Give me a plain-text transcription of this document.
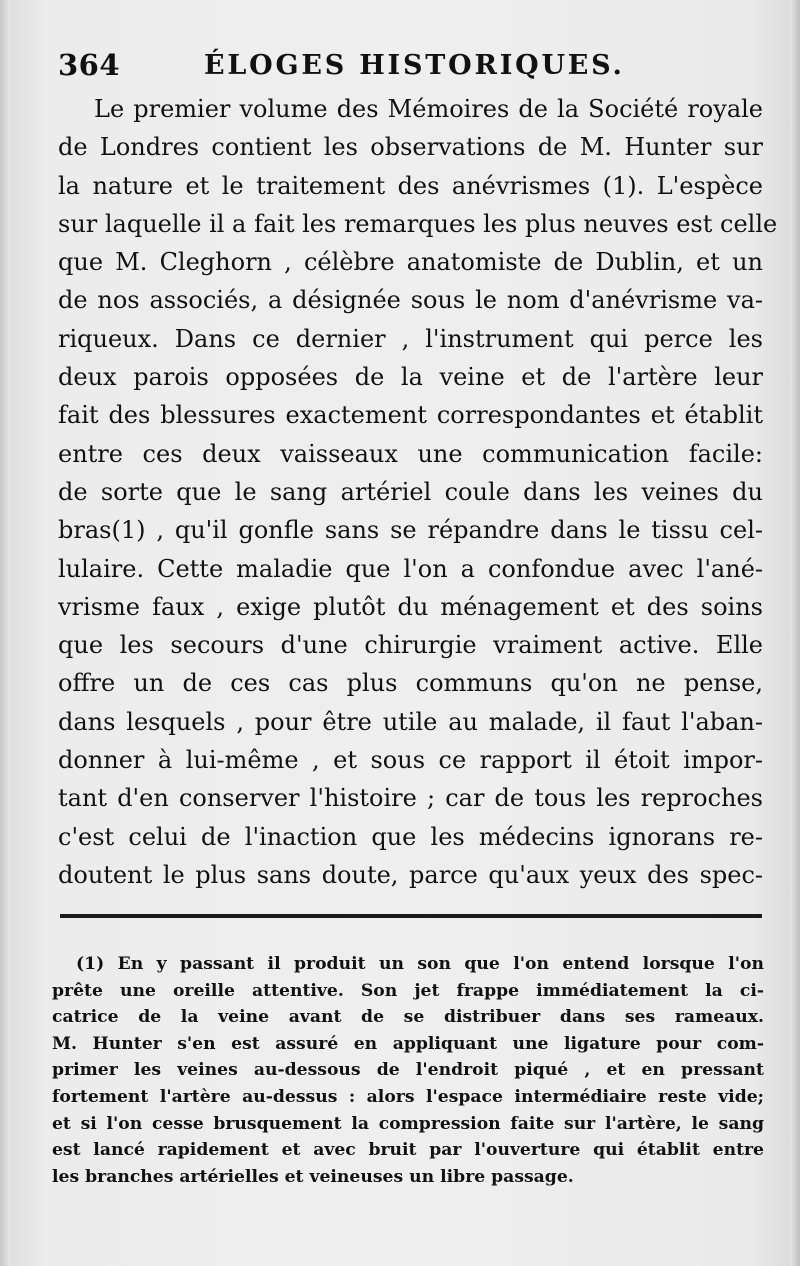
364	ÉLOGES HISTORIQUES.
Le premier volume des Mémoires de la Société royale
de Londres contient les observations de M. Hunter sur
la nature et le traitement des anévrismes (1). L'espèce
sur laquelle il a fait les remarques les plus neuves est celle
que M. Cleghorn , célèbre anatomiste de Dublin, et un
de nos associés, a désignée sous le nom d'anévrisme va-
riqueux. Dans ce dernier , l'instrument qui perce les
deux parois opposées de la veine et de l'artère leur
fait des blessures exactement correspondantes et établit
entre ces deux vaisseaux une communication facile:
de sorte que le sang artériel coule dans les veines du
bras(1) , qu'il gonfle sans se répandre dans le tissu cel-
lulaire. Cette maladie que l'on a confondue avec l'ané-
vrisme faux , exige plutôt du ménagement et des soins
que les secours d'une chirurgie vraiment active. Elle
offre un de ces cas plus communs qu'on ne pense,
dans lesquels , pour être utile au malade, il faut l'aban-
donner à lui-même , et sous ce rapport il étoit impor-
tant d'en conserver l'histoire ; car de tous les reproches
c'est celui de l'inaction que les médecins ignorans re-
doutent le plus sans doute, parce qu'aux yeux des spec-
(1) En y passant il produit un son que l'on entend lorsque l'on
prête une oreille attentive. Son jet frappe immédiatement la ci-
catrice de la veine avant de se distribuer dans ses rameaux.
M. Hunter s'en est assuré en appliquant une ligature pour com-
primer les veines au-dessous de l'endroit piqué , et en pressant
fortement l'artère au-dessus : alors l'espace intermédiaire reste vide;
et si l'on cesse brusquement la compression faite sur l'artère, le sang
est lancé rapidement et avec bruit par l'ouverture qui établit entre
les branches artérielles et veineuses un libre passage.
